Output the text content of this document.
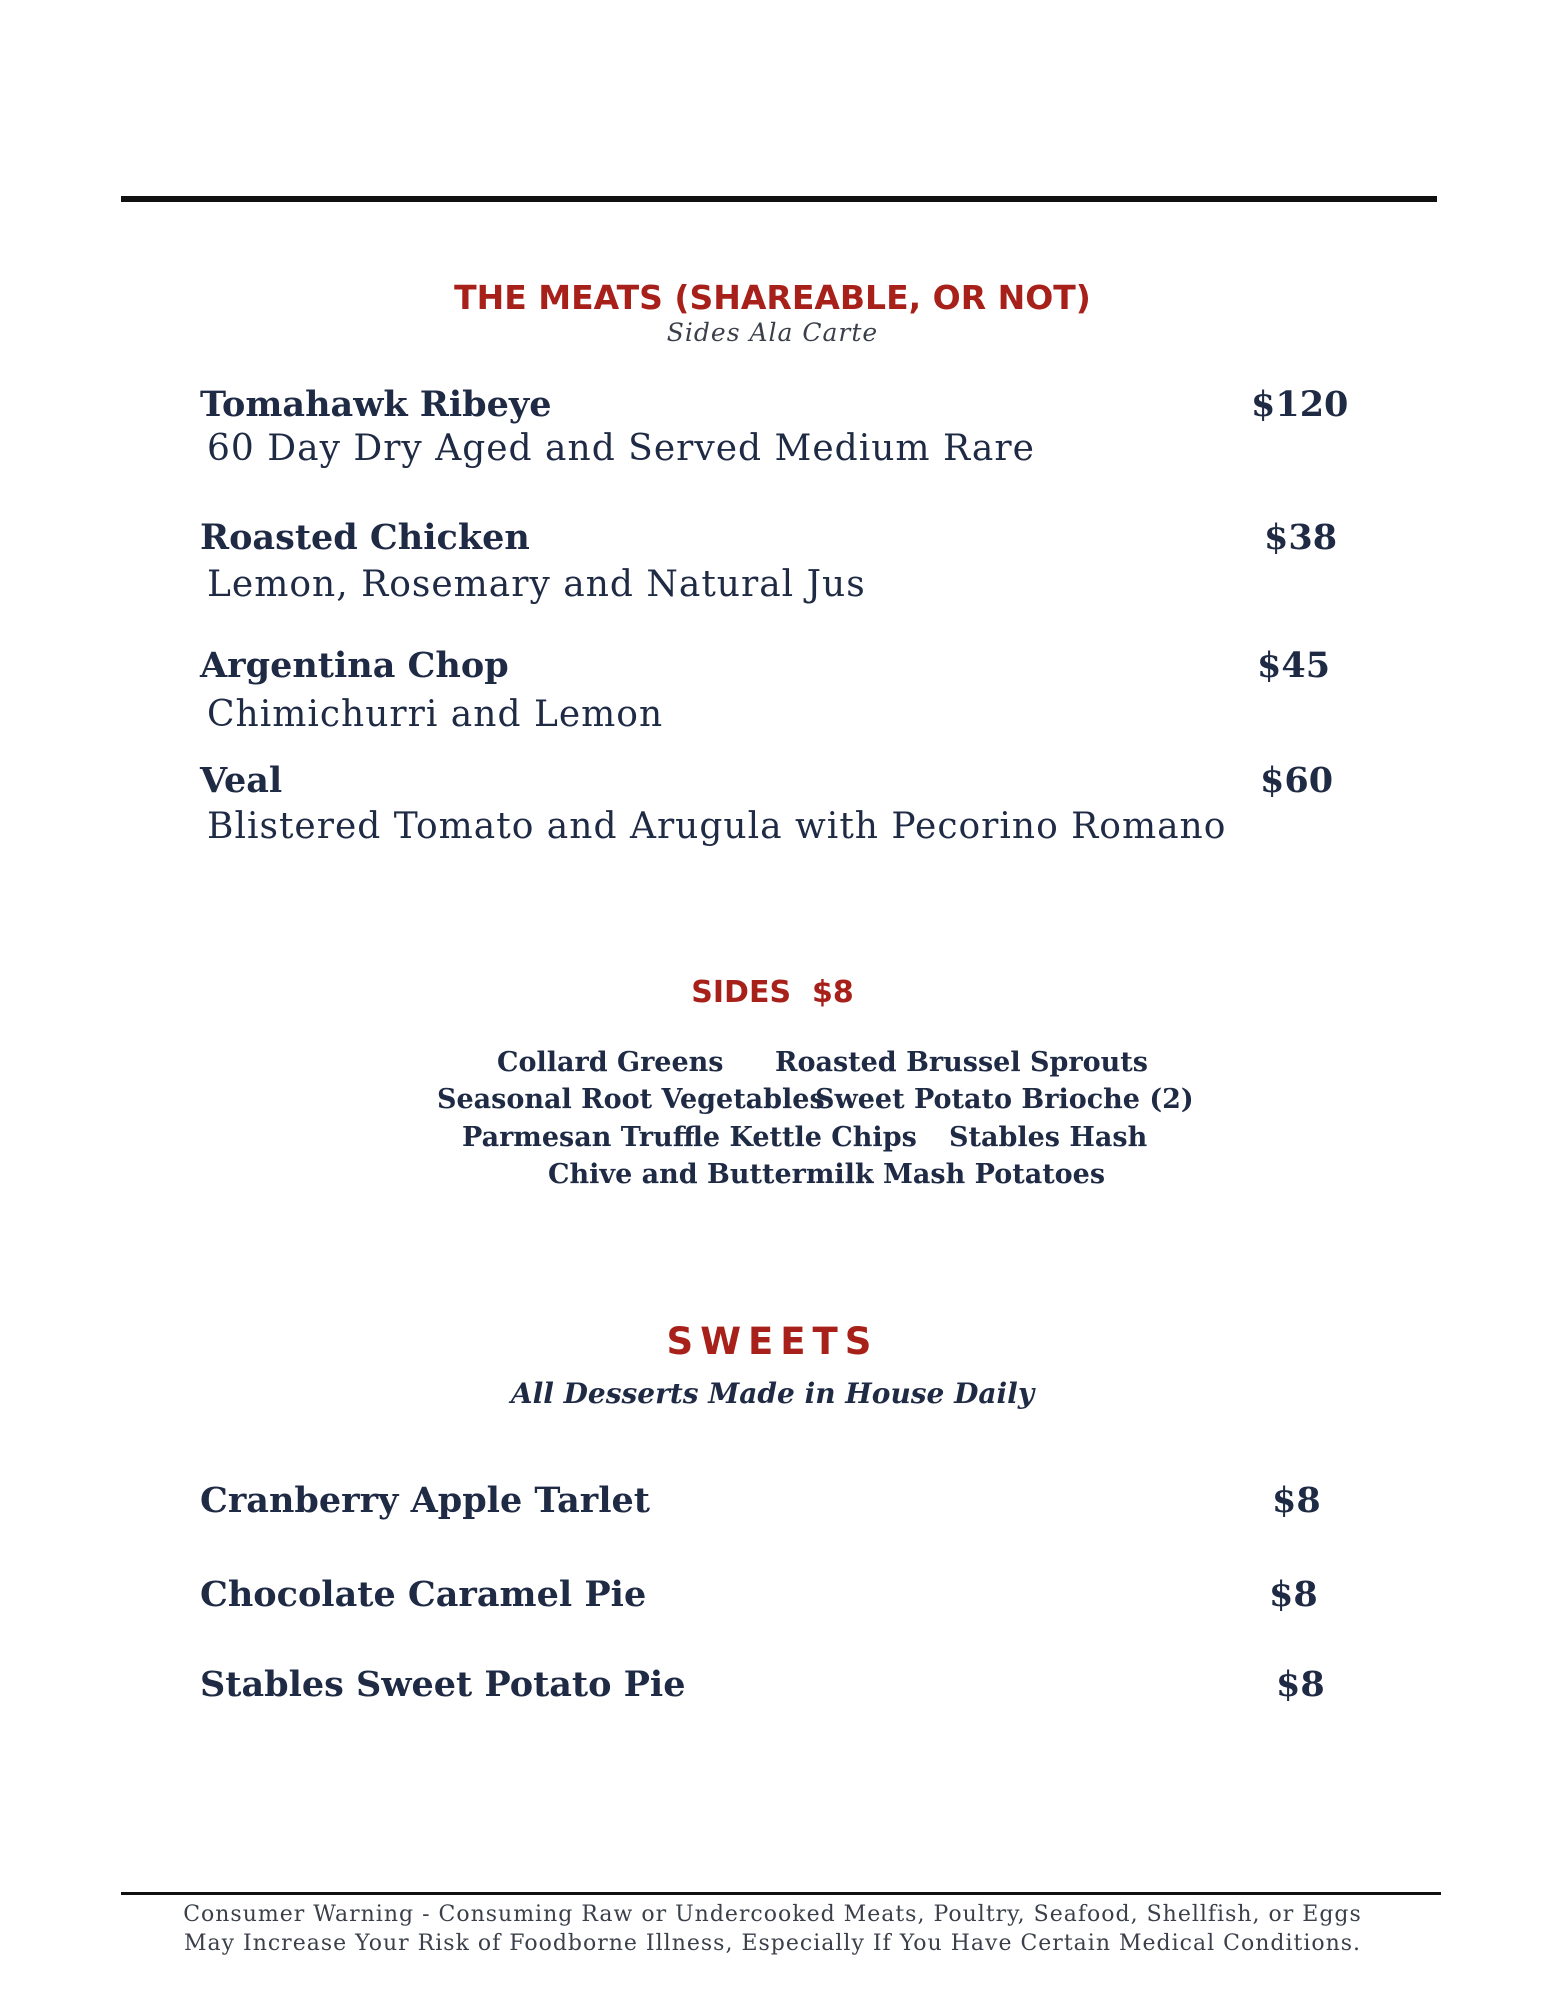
THE MEATS (SHAREABLE, OR NOT)
Sides Ala Carte
Tomahawk Ribeye
60 Day Dry Aged and Served Medium Rare
$120
Roasted Chicken
Lemon, Rosemary and Natural Jus
$38
Argentina Chop
Chimichurri and Lemon
$45
Veal
Blistered Tomato and Arugula with Pecorino Romano
$60
SIDES  $8
Collard Greens Roasted Brussel Sprouts
Seasonal Root Vegetables
Sweet Potato Brioche (2)
Parmesan Truffle Kettle Chips Stables Hash
Chive and Buttermilk Mash Potatoes
SWEETS
All Desserts Made in House Daily
Cranberry Apple Tarlet	$8
Chocolate Caramel Pie	$8
Stables Sweet Potato Pie	$8
Consumer Warning - Consuming Raw or Undercooked Meats, Poultry, Seafood, Shellfish, or Eggs
May Increase Your Risk of Foodborne Illness, Especially If You Have Certain Medical Conditions.
